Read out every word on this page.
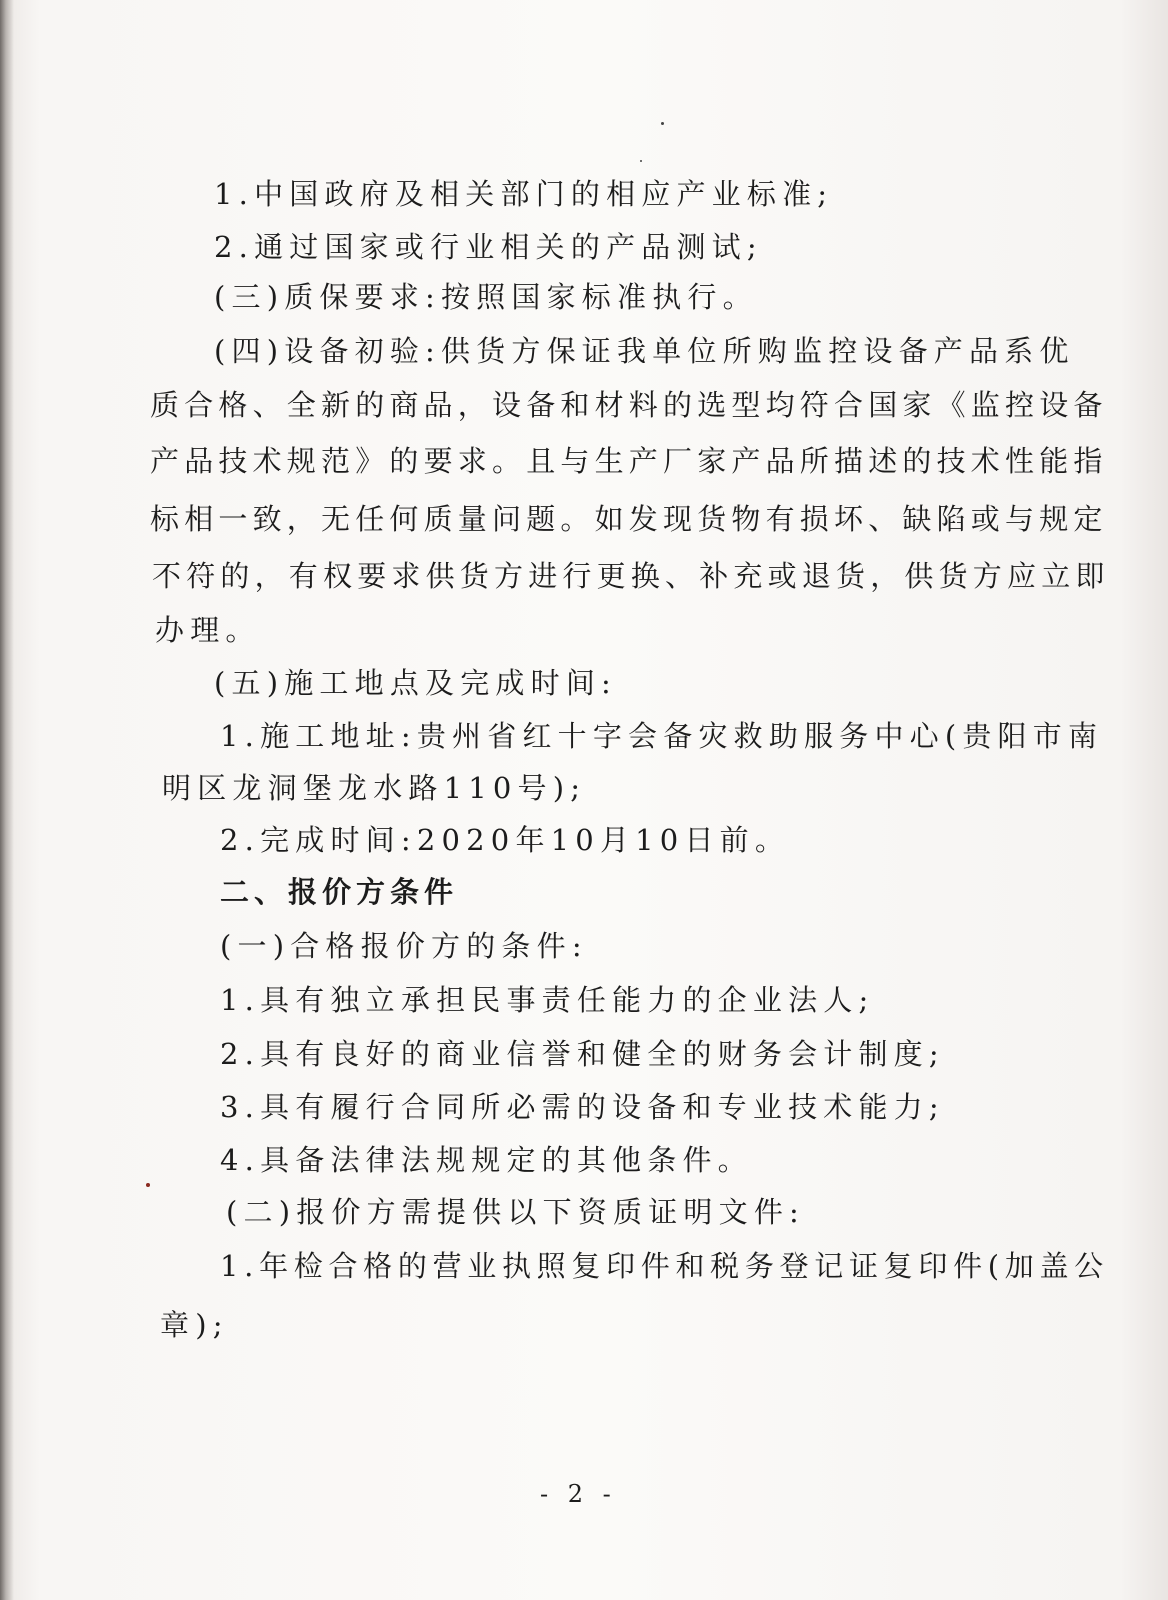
1.中国政府及相关部门的相应产业标准;
2.通过国家或行业相关的产品测试;
(三)质保要求:按照国家标准执行。
(四)设备初验:供货方保证我单位所购监控设备产品系优
质合格、全新的商品，设备和材料的选型均符合国家《监控设备
产品技术规范》的要求。且与生产厂家产品所描述的技术性能指
标相一致，无任何质量问题。如发现货物有损坏、缺陷或与规定
不符的，有权要求供货方进行更换、补充或退货，供货方应立即
办理。
(五)施工地点及完成时间:
1.施工地址:贵州省红十字会备灾救助服务中心(贵阳市南
明区龙洞堡龙水路110号);
2.完成时间:2020年10月10日前。
二、报价方条件
(一)合格报价方的条件:
1.具有独立承担民事责任能力的企业法人;
2.具有良好的商业信誉和健全的财务会计制度;
3.具有履行合同所必需的设备和专业技术能力;
4.具备法律法规规定的其他条件。
(二)报价方需提供以下资质证明文件:
1.年检合格的营业执照复印件和税务登记证复印件(加盖公
章);
- 2 -
